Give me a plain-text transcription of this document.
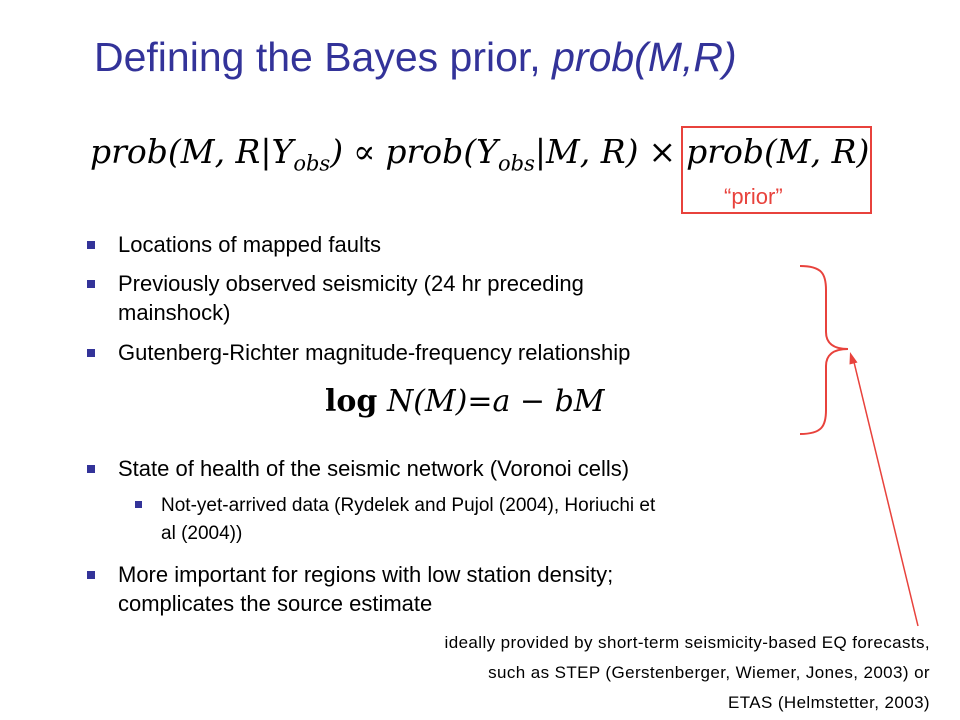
Defining the Bayes prior, prob(M,R)
prob(M, $R|Y_{obs}$) ∝ $prob(Y_{obs}|M$, R) × prob(M, R)
“prior”
Locations of mapped faults
Previously observed seismicity (24 hr preceding
mainshock)
Gutenberg-Richter magnitude-frequency relationship
log N(M)=a − bM
State of health of the seismic network (Voronoi cells)
Not-yet-arrived data (Rydelek and Pujol (2004), Horiuchi et
al (2004))
More important for regions with low station density;
complicates the source estimate
ideally provided by short-term seismicity-based EQ forecasts,
such as STEP (Gerstenberger, Wiemer, Jones, 2003) or
ETAS (Helmstetter, 2003)
